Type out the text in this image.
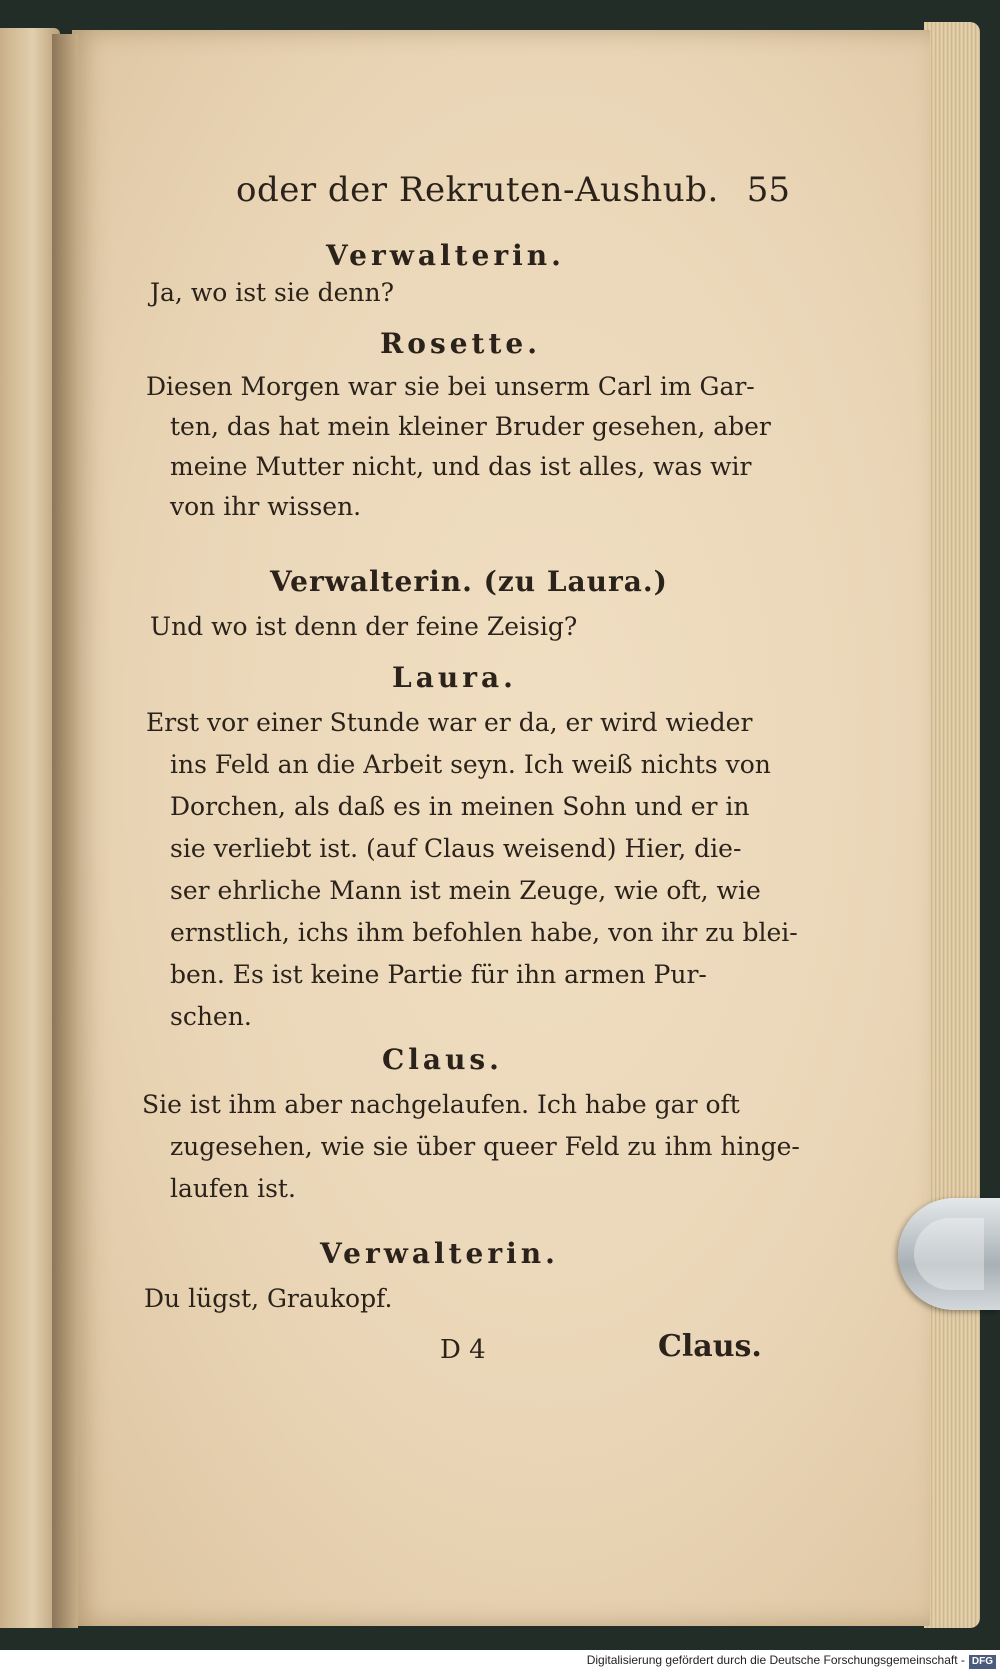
oder der Rekruten-Aushub. 55
Verwalterin.
Ja, wo ist sie denn?
Rosette.
Diesen Morgen war sie bei unserm Carl im Gar-
ten, das hat mein kleiner Bruder gesehen, aber
meine Mutter nicht, und das ist alles, was wir
von ihr wissen.
Verwalterin. (zu Laura.)
Und wo ist denn der feine Zeisig?
Laura.
Erst vor einer Stunde war er da, er wird wieder
ins Feld an die Arbeit seyn. Ich weiß nichts von
Dorchen, als daß es in meinen Sohn und er in
sie verliebt ist. (auf Claus weisend) Hier, die-
ser ehrliche Mann ist mein Zeuge, wie oft, wie
ernstlich, ichs ihm befohlen habe, von ihr zu blei-
ben. Es ist keine Partie für ihn armen Pur-
schen.
Claus.
Sie ist ihm aber nachgelaufen. Ich habe gar oft
zugesehen, wie sie über queer Feld zu ihm hinge-
laufen ist.
Verwalterin.
Du lügst, Graukopf.
D 4	Claus.
Digitalisierung gefördert durch die Deutsche Forschungsgemeinschaft - DFG
